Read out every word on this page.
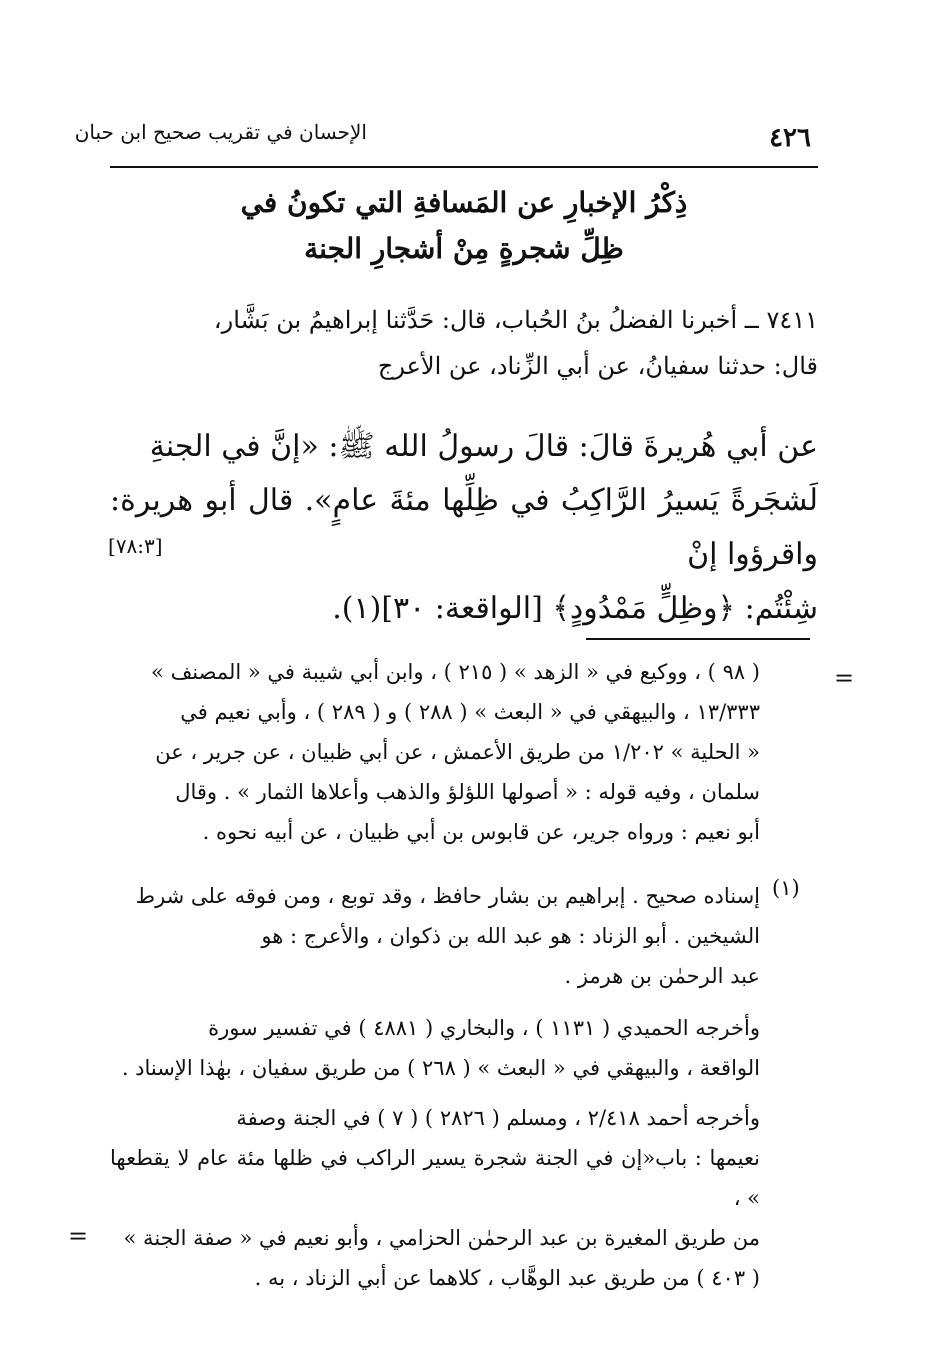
الإحسان في تقريب صحيح ابن حبان	٤٢٦
ذِكْرُ الإخبارِ عن المَسافةِ التي تكونُ في
ظِلِّ شجرةٍ مِنْ أشجارِ الجنة
٧٤١١ ــ أخبرنا الفضلُ بنُ الحُباب، قال: حَدَّثنا إبراهيمُ بن بَشَّار،
قال: حدثنا سفيانُ، عن أبي الزِّناد، عن الأعرج
عن أبي هُريرةَ قالَ: قالَ رسولُ الله ﷺ: «إنَّ في الجنةِ
لَشجَرةً يَسيرُ الرَّاكِبُ في ظِلِّها مئةَ عامٍ». قال أبو هريرة: واقرؤوا إنْ
شِئْتُم: ﴿وظِلٍّ مَمْدُودٍ﴾ [الواقعة: ٣٠](١).
[٧٨:٣]
=
( ٩٨ ) ، ووكيع في « الزهد » ( ٢١٥ ) ، وابن أبي شيبة في « المصنف »
١٣/٣٣٣ ، والبيهقي في « البعث » ( ٢٨٨ ) و ( ٢٨٩ ) ، وأبي نعيم في
« الحلية » ١/٢٠٢ من طريق الأعمش ، عن أبي ظبيان ، عن جرير ، عن
سلمان ، وفيه قوله : « أصولها اللؤلؤ والذهب وأعلاها الثمار » . وقال
أبو نعيم : ورواه جرير، عن قابوس بن أبي ظبيان ، عن أبيه نحوه .
(١)
إسناده صحيح . إبراهيم بن بشار حافظ ، وقد توبع ، ومن فوقه على شرط
الشيخين . أبو الزناد : هو عبد الله بن ذكوان ، والأعرج : هو
عبد الرحمٰن بن هرمز .
وأخرجه الحميدي ( ١١٣١ ) ، والبخاري ( ٤٨٨١ ) في تفسير سورة
الواقعة ، والبيهقي في « البعث » ( ٢٦٨ ) من طريق سفيان ، بهٰذا الإسناد .
وأخرجه أحمد ٢/٤١٨ ، ومسلم ( ٢٨٢٦ ) ( ٧ ) في الجنة وصفة
نعيمها : باب«إن في الجنة شجرة يسير الراكب في ظلها مئة عام لا يقطعها » ،
من طريق المغيرة بن عبد الرحمٰن الحزامي ، وأبو نعيم في « صفة الجنة »
( ٤٠٣ ) من طريق عبد الوهَّاب ، كلاهما عن أبي الزناد ، به .
=
